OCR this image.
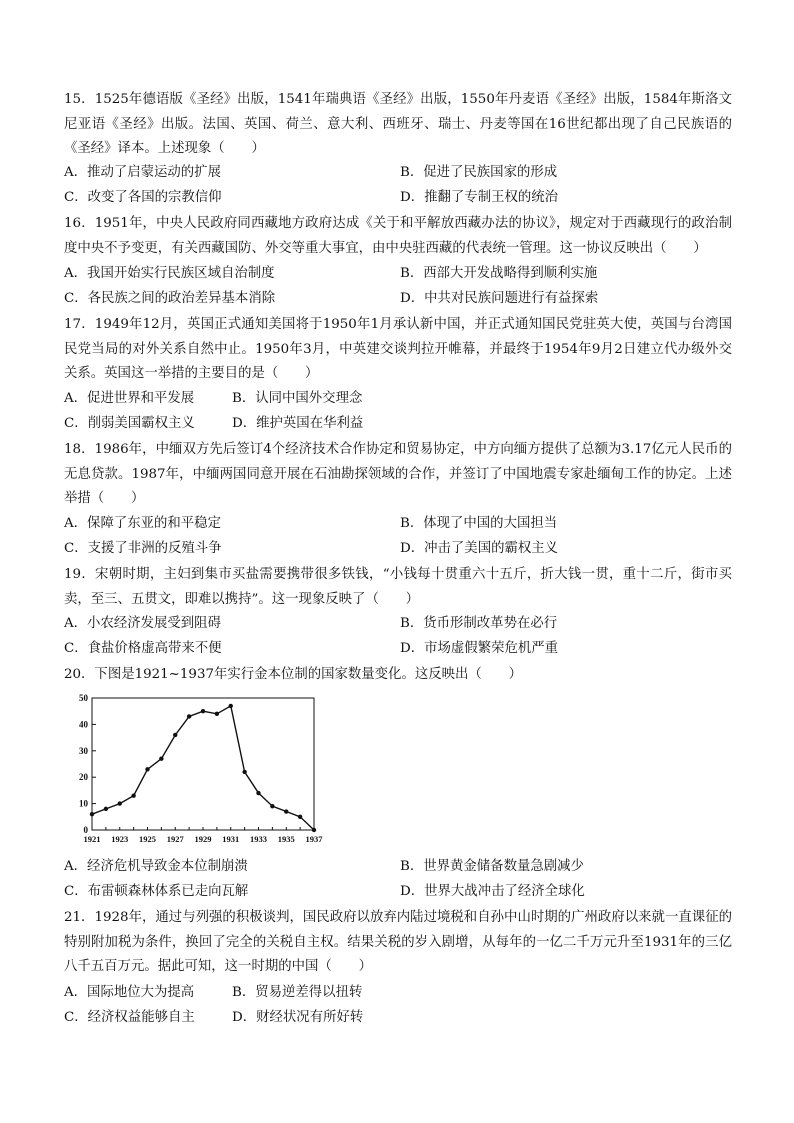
15．1525年德语版《圣经》出版，1541年瑞典语《圣经》出版，1550年丹麦语《圣经》出版，1584年斯洛文尼亚语《圣经》出版。法国、英国、荷兰、意大利、西班牙、瑞士、丹麦等国在16世纪都出现了自己民族语的《圣经》译本。上述现象（　　）

A．推动了启蒙运动的扩展	B．促进了民族国家的形成
C．改变了各国的宗教信仰	D．推翻了专制王权的统治

16．1951年，中央人民政府同西藏地方政府达成《关于和平解放西藏办法的协议》，规定对于西藏现行的政治制度中央不予变更，有关西藏国防、外交等重大事宜，由中央驻西藏的代表统一管理。这一协议反映出（　　）

A．我国开始实行民族区域自治制度	B．西部大开发战略得到顺利实施
C．各民族之间的政治差异基本消除	D．中共对民族问题进行有益探索

17．1949年12月，英国正式通知美国将于1950年1月承认新中国，并正式通知国民党驻英大使，英国与台湾国民党当局的对外关系自然中止。1950年3月，中英建交谈判拉开帷幕，并最终于1954年9月2日建立代办级外交关系。英国这一举措的主要目的是（　　）

A．促进世界和平发展	B．认同中国外交理念
C．削弱美国霸权主义	D．维护英国在华利益

18．1986年，中缅双方先后签订4个经济技术合作协定和贸易协定，中方向缅方提供了总额为3.17亿元人民币的无息贷款。1987年，中缅两国同意开展在石油勘探领域的合作，并签订了中国地震专家赴缅甸工作的协定。上述举措（　　）

A．保障了东亚的和平稳定	B．体现了中国的大国担当
C．支援了非洲的反殖斗争	D．冲击了美国的霸权主义

19．宋朝时期，主妇到集市买盐需要携带很多铁钱，“小钱每十贯重六十五斤，折大钱一贯，重十二斤，街市买卖，至三、五贯文，即难以携持”。这一现象反映了（　　）

A．小农经济发展受到阻碍	B．货币形制改革势在必行
C．食盐价格虚高带来不便	D．市场虚假繁荣危机严重

20．下图是1921~1937年实行金本位制的国家数量变化。这反映出（　　）

0
10
20
30
40
50
1921 1923 1925 1927 1929 1931 1933 1935 1937
A．经济危机导致金本位制崩溃	B．世界黄金储备数量急剧减少
C．布雷顿森林体系已走向瓦解	D．世界大战冲击了经济全球化

21．1928年，通过与列强的积极谈判，国民政府以放弃内陆过境税和自孙中山时期的广州政府以来就一直课征的特别附加税为条件，换回了完全的关税自主权。结果关税的岁入剧增，从每年的一亿二千万元升至1931年的三亿八千五百万元。据此可知，这一时期的中国（　　）

A．国际地位大为提高	B．贸易逆差得以扭转
C．经济权益能够自主	D．财经状况有所好转
